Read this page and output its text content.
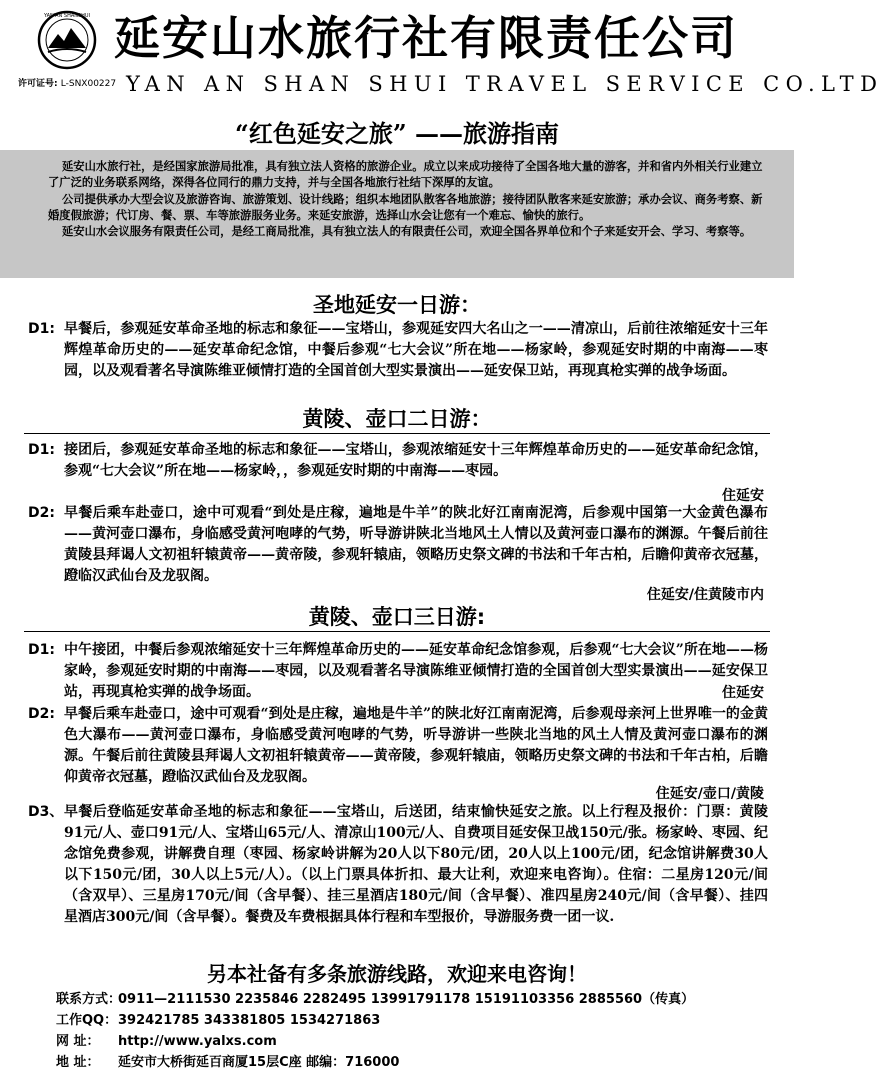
YAN'AN SHANSHUI 延安山水旅行社有限责任公司
许可证号: L-SNX00227 YAN AN SHAN SHUI TRAVEL SERVICE CO.LTD
“红色延安之旅” ——旅游指南

延安山水旅行社，是经国家旅游局批准，具有独立法人资格的旅游企业。成立以来成功接待了全国各地大量的游客，并和省内外相关行业建立了广泛的业务联系网络，深得各位同行的鼎力支持，并与全国各地旅行社结下深厚的友谊。

公司提供承办大型会议及旅游咨询、旅游策划、设计线路；组织本地团队散客各地旅游；接待团队散客来延安旅游；承办会议、商务考察、新婚度假旅游；代订房、餐、票、车等旅游服务业务。来延安旅游，选择山水会让您有一个难忘、愉快的旅行。

延安山水会议服务有限责任公司，是经工商局批准，具有独立法人的有限责任公司，欢迎全国各界单位和个子来延安开会、学习、考察等。

圣地延安一日游：
D1: 早餐后，参观延安革命圣地的标志和象征——宝塔山，参观延安四大名山之一——清凉山，后前往浓缩延安十三年辉煌革命历史的——延安革命纪念馆，中餐后参观“七大会议”所在地——杨家岭，参观延安时期的中南海——枣园，以及观看著名导演陈维亚倾情打造的全国首创大型实景演出——延安保卫站，再现真枪实弹的战争场面。
黄陵、壶口二日游：
D1: 接团后，参观延安革命圣地的标志和象征——宝塔山，参观浓缩延安十三年辉煌革命历史的——延安革命纪念馆，参观“七大会议”所在地——杨家岭，，参观延安时期的中南海——枣园。
住延安
D2: 早餐后乘车赴壶口，途中可观看“到处是庄稼，遍地是牛羊”的陕北好江南南泥湾，后参观中国第一大金黄色瀑布——黄河壶口瀑布，身临感受黄河咆哮的气势，听导游讲陕北当地风土人情以及黄河壶口瀑布的渊源。午餐后前往黄陵县拜谒人文初祖轩辕黄帝——黄帝陵，参观轩辕庙，领略历史祭文碑的书法和千年古柏，后瞻仰黄帝衣冠墓，蹬临汉武仙台及龙驭阁。
住延安/住黄陵市内
黄陵、壶口三日游:
D1: 中午接团，中餐后参观浓缩延安十三年辉煌革命历史的——延安革命纪念馆参观，后参观“七大会议”所在地——杨家岭，参观延安时期的中南海——枣园，以及观看著名导演陈维亚倾情打造的全国首创大型实景演出——延安保卫站，再现真枪实弹的战争场面。	住延安
D2: 早餐后乘车赴壶口，途中可观看“到处是庄稼，遍地是牛羊”的陕北好江南南泥湾，后参观母亲河上世界唯一的金黄色大瀑布——黄河壶口瀑布，身临感受黄河咆哮的气势，听导游讲一些陕北当地的风土人情及黄河壶口瀑布的渊源。午餐后前往黄陵县拜谒人文初祖轩辕黄帝——黄帝陵，参观轩辕庙，领略历史祭文碑的书法和千年古柏，后瞻仰黄帝衣冠墓，蹬临汉武仙台及龙驭阁。
住延安/壶口/黄陵
D3、 早餐后登临延安革命圣地的标志和象征——宝塔山，后送团，结束愉快延安之旅。以上行程及报价：门票：黄陵91元/人、壶口91元/人、宝塔山65元/人、清凉山100元/人、自费项目延安保卫战150元/张。杨家岭、枣园、纪念馆免费参观，讲解费自理（枣园、杨家岭讲解为20人以下80元/团，20人以上100元/团，纪念馆讲解费30人以下150元/团，30人以上5元/人）。（以上门票具体折扣、最大让利，欢迎来电咨询）。住宿：二星房120元/间（含双早）、三星房170元/间（含早餐）、挂三星酒店180元/间（含早餐）、准四星房240元/间（含早餐）、挂四星酒店300元/间（含早餐）。餐费及车费根据具体行程和车型报价，导游服务费一团一议.
另本社备有多条旅游线路，欢迎来电咨询！
联系方式：0911—2111530 2235846 2282495 13991791178 15191103356 2885560（传真）
工作QQ：392421785 343381805 1534271863
网 址： http://www.yalxs.com
地 址： 延安市大桥街延百商厦15层C座 邮编：716000
